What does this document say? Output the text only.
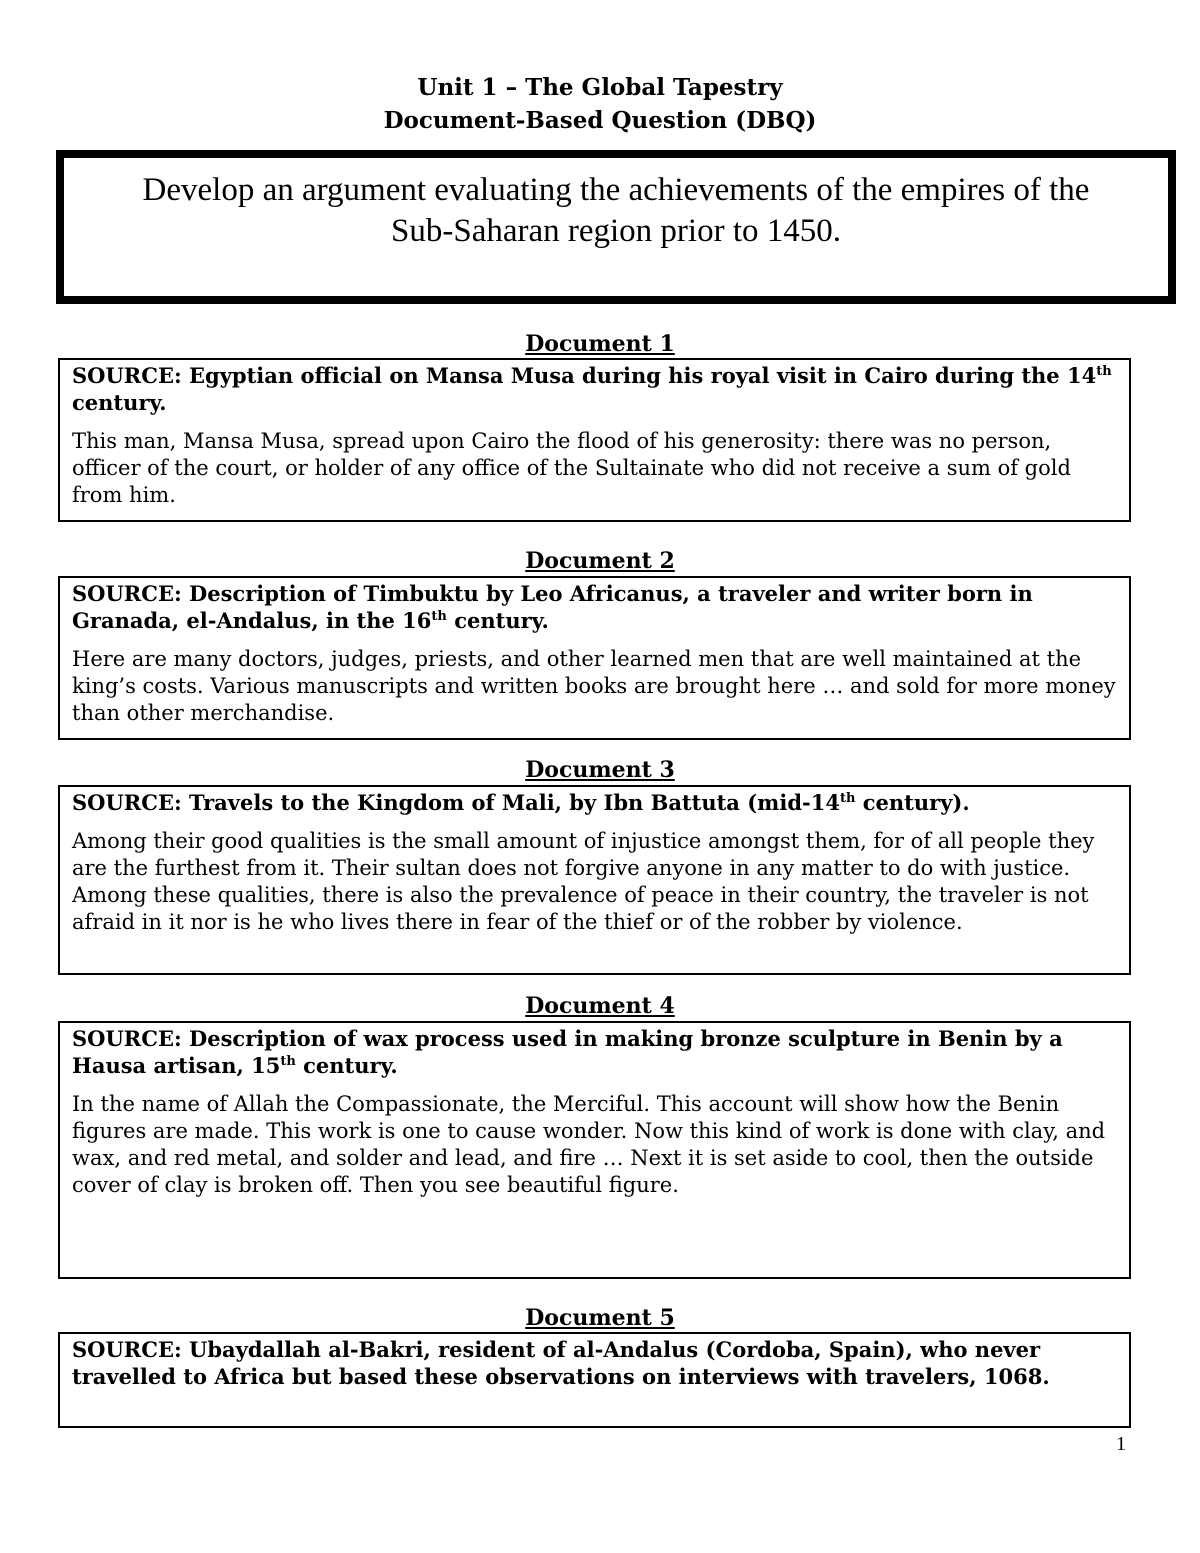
Unit 1 – The Global Tapestry
Document-Based Question (DBQ)
Develop an argument evaluating the achievements of the empires of the
Sub-Saharan region prior to 1450.
Document 1

SOURCE: Egyptian official on Mansa Musa during his royal visit in Cairo during the 14th century.

This man, Mansa Musa, spread upon Cairo the flood of his generosity: there was no person, officer of the court, or holder of any office of the Sultainate who did not receive a sum of gold from him.

Document 2

SOURCE: Description of Timbuktu by Leo Africanus, a traveler and writer born in Granada, el-Andalus, in the 16th century.

Here are many doctors, judges, priests, and other learned men that are well maintained at the king’s costs. Various manuscripts and written books are brought here … and sold for more money than other merchandise.

Document 3

SOURCE: Travels to the Kingdom of Mali, by Ibn Battuta (mid-14th century).

Among their good qualities is the small amount of injustice amongst them, for of all people they are the furthest from it. Their sultan does not forgive anyone in any matter to do with justice. Among these qualities, there is also the prevalence of peace in their country, the traveler is not afraid in it nor is he who lives there in fear of the thief or of the robber by violence.

Document 4

SOURCE: Description of wax process used in making bronze sculpture in Benin by a Hausa artisan, 15th century.

In the name of Allah the Compassionate, the Merciful. This account will show how the Benin figures are made. This work is one to cause wonder. Now this kind of work is done with clay, and wax, and red metal, and solder and lead, and fire … Next it is set aside to cool, then the outside cover of clay is broken off. Then you see beautiful figure.

Document 5

SOURCE: Ubaydallah al-Bakri, resident of al-Andalus (Cordoba, Spain), who never travelled to Africa but based these observations on interviews with travelers, 1068.

1
